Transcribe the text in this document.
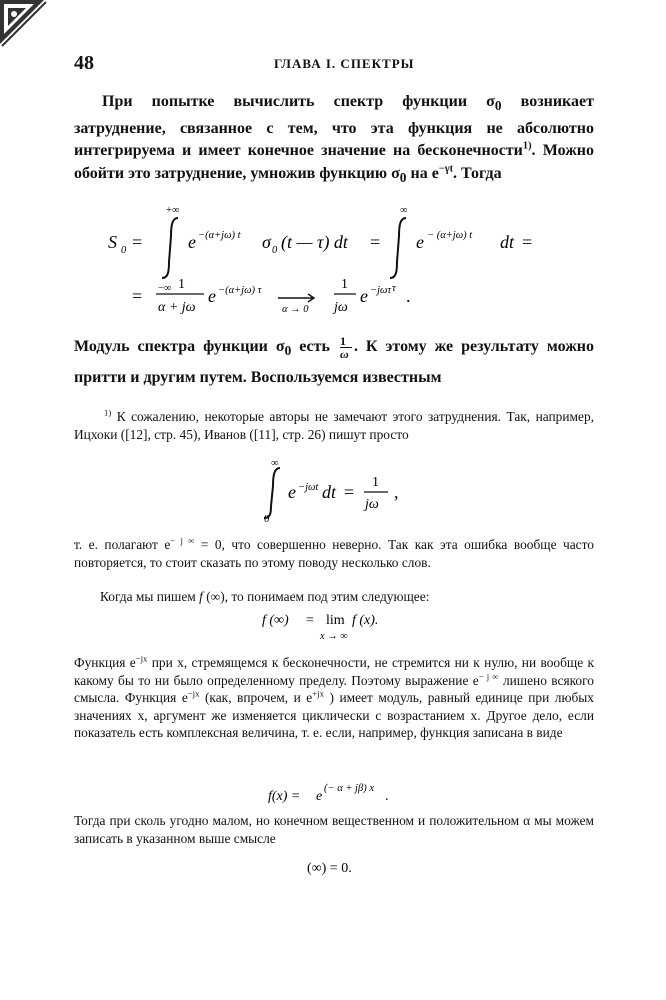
48	ГЛАВА I. СПЕКТРЫ

При попытке вычислить спектр функции $\sigma_0$ возникает затруднение, связанное с тем, что эта функция не абсолютно интегрируема и имеет конечное значение на бесконечности$^{1)}$. Можно обойти это затруднение, умножив функцию $\sigma_0$ на $e^{-\gamma t}$. Тогда

S 0 =
+∞
−∞
e −(α+jω) t σ 0 (t — τ) dt =
∞
τ
e − (α+jω) t dt =
=
1
α + jω
e −(α+jω) τ
α → 0
1
jω
e −jωτ .

Модуль спектра функции $\sigma_0$ есть $\frac{1}{\omega}$ . К этому же результату можно притти и другим путем. Воспользуемся известным

$^{1)}$ К сожалению, некоторые авторы не замечают этого затруднения. Так, например, Ицхоки ([12], стр. 45), Иванов ([11], стр. 26) пишут просто

∞
0
e −jωt dt = 1
jω
,

т. е. полагают $e^{- j \infty} = 0$, что совершенно неверно. Так как эта ошибка вообще часто повторяется, то стоит сказать по этому поводу несколько слов.

Когда мы пишем f (∞), то понимаем под этим следующее:

f (∞) = lim
x → ∞
f (x).

Функция $e^{-jx}$ при x, стремящемся к бесконечности, не стремится ни к нулю, ни вообще к какому бы то ни было определенному пределу. Поэтому выражение $e^{- j \infty}$ лишено всякого смысла. Функция $e^{-jx}$ (как, впрочем, и $e^{+jx}$ ) имеет модуль, равный единице при любых значениях x, аргумент же изменяется циклически с возрастанием x. Другое дело, если показатель есть комплексная величина, т. е. если, например, функция записана в виде

f(x) = e
(− α + jβ) x
.

Тогда при сколь угодно малом, но конечном вещественном и положительном α мы можем записать в указанном выше смысле

(∞) = 0.
